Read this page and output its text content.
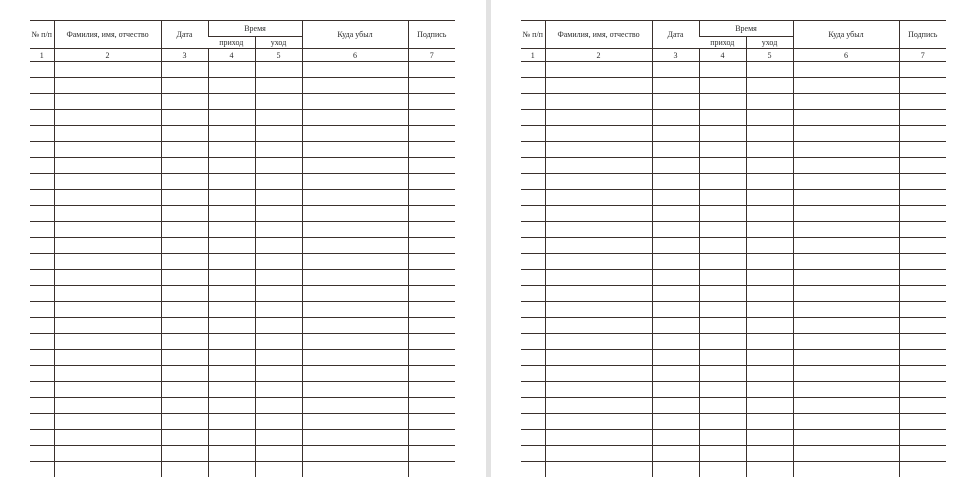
№ п/п	Фамилия, имя, отчество	Дата	Время		Куда убыл	Подпись
			приход	уход		
1	2	3	4	5	6	7

№ п/п	Фамилия, имя, отчество	Дата	Время		Куда убыл	Подпись
			приход	уход		
1	2	3	4	5	6	7
